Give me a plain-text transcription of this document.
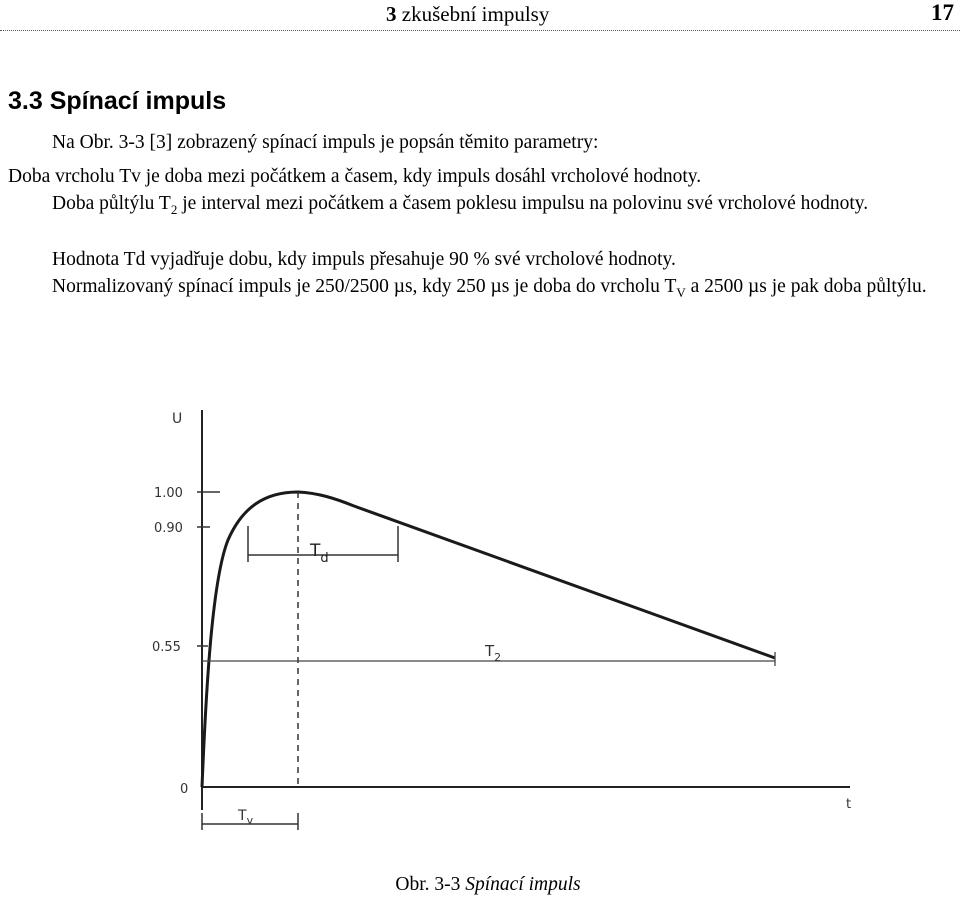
3 zkušební impulsy	17
3.3 Spínací impuls
Na Obr. 3-3 [3] zobrazený spínací impuls je popsán těmito parametry:
Doba vrcholu Tv je doba mezi počátkem a časem, kdy impuls dosáhl vrcholové hodnoty.
Doba půltýlu $T_2$ je interval mezi počátkem a časem poklesu impulsu na polovinu své vrcholové hodnoty.
Hodnota Td vyjadřuje dobu, kdy impuls přesahuje 90 % své vrcholové hodnoty.
Normalizovaný spínací impuls je 250/2500 µs, kdy 250 µs je doba do vrcholu $T_V$ a 2500 µs je pak doba půltýlu.
U
t
1.00
0.90
0.55
0
$T_d$
$T_2$
$T_v$
Obr. 3-3 Spínací impuls
